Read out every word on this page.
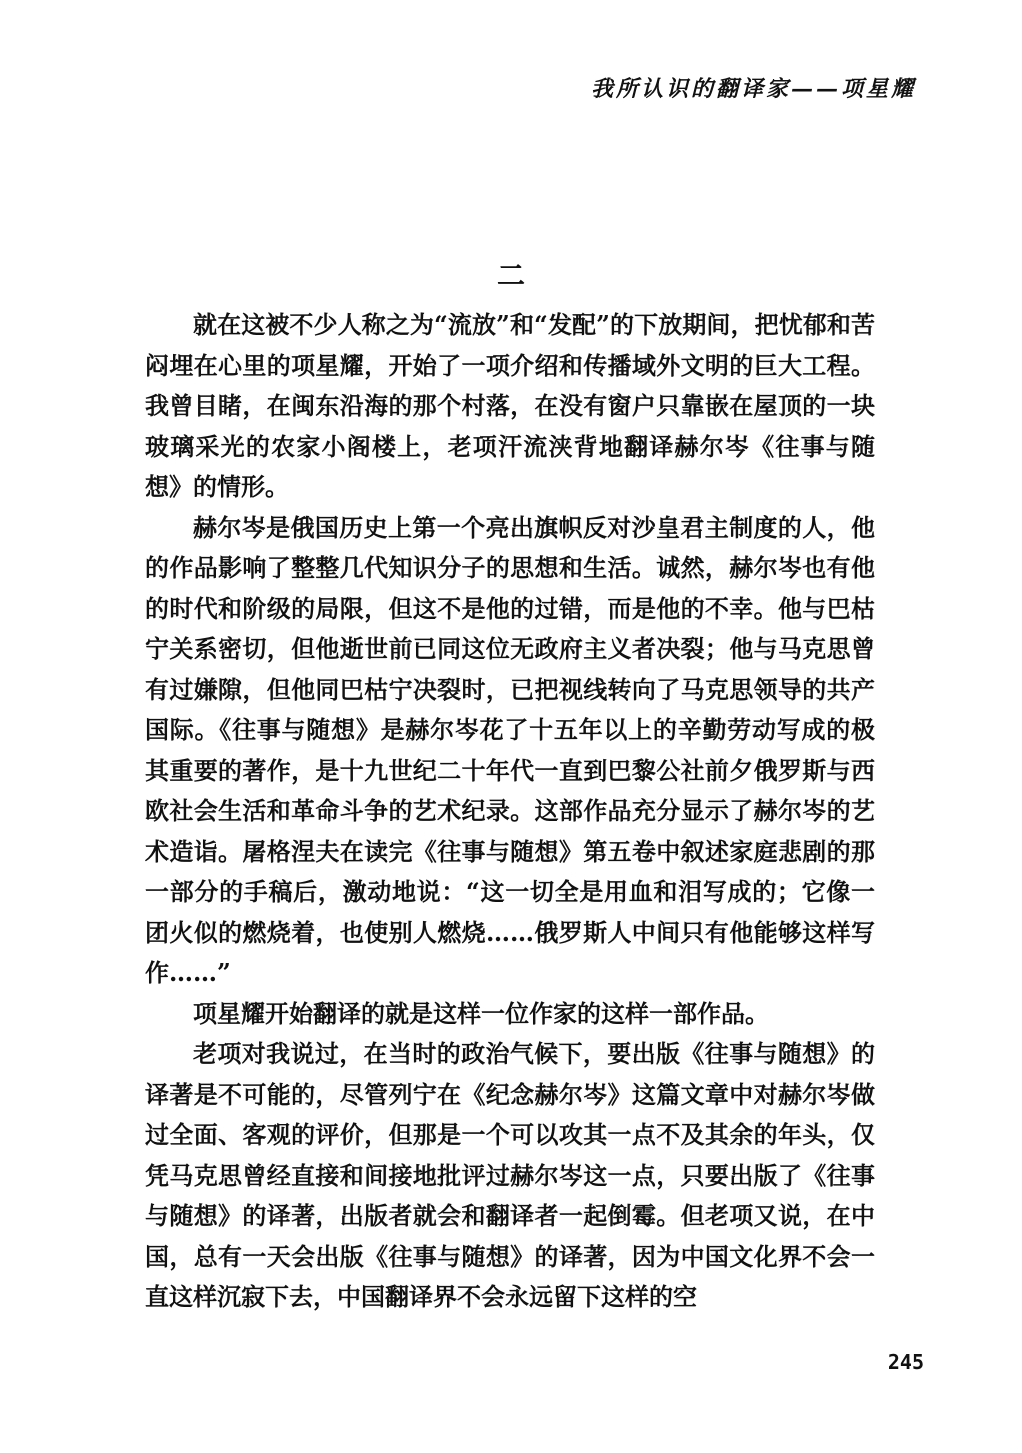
我所认识的翻译家——项星耀
二

就在这被不少人称之为“流放”和“发配”的下放期间，把忧郁和苦闷埋在心里的项星耀，开始了一项介绍和传播域外文明的巨大工程。我曾目睹，在闽东沿海的那个村落，在没有窗户只靠嵌在屋顶的一块玻璃采光的农家小阁楼上，老项汗流浃背地翻译赫尔岑《往事与随想》的情形。

赫尔岑是俄国历史上第一个亮出旗帜反对沙皇君主制度的人，他的作品影响了整整几代知识分子的思想和生活。诚然，赫尔岑也有他的时代和阶级的局限，但这不是他的过错，而是他的不幸。他与巴枯宁关系密切，但他逝世前已同这位无政府主义者决裂；他与马克思曾有过嫌隙，但他同巴枯宁决裂时，已把视线转向了马克思领导的共产国际。《往事与随想》是赫尔岑花了十五年以上的辛勤劳动写成的极其重要的著作，是十九世纪二十年代一直到巴黎公社前夕俄罗斯与西欧社会生活和革命斗争的艺术纪录。这部作品充分显示了赫尔岑的艺术造诣。屠格涅夫在读完《往事与随想》第五卷中叙述家庭悲剧的那一部分的手稿后，激动地说：“这一切全是用血和泪写成的；它像一团火似的燃烧着，也使别人燃烧……俄罗斯人中间只有他能够这样写作……”

项星耀开始翻译的就是这样一位作家的这样一部作品。

老项对我说过，在当时的政治气候下，要出版《往事与随想》的译著是不可能的，尽管列宁在《纪念赫尔岑》这篇文章中对赫尔岑做过全面、客观的评价，但那是一个可以攻其一点不及其余的年头，仅凭马克思曾经直接和间接地批评过赫尔岑这一点，只要出版了《往事与随想》的译著，出版者就会和翻译者一起倒霉。但老项又说，在中国，总有一天会出版《往事与随想》的译著，因为中国文化界不会一直这样沉寂下去，中国翻译界不会永远留下这样的空

245
